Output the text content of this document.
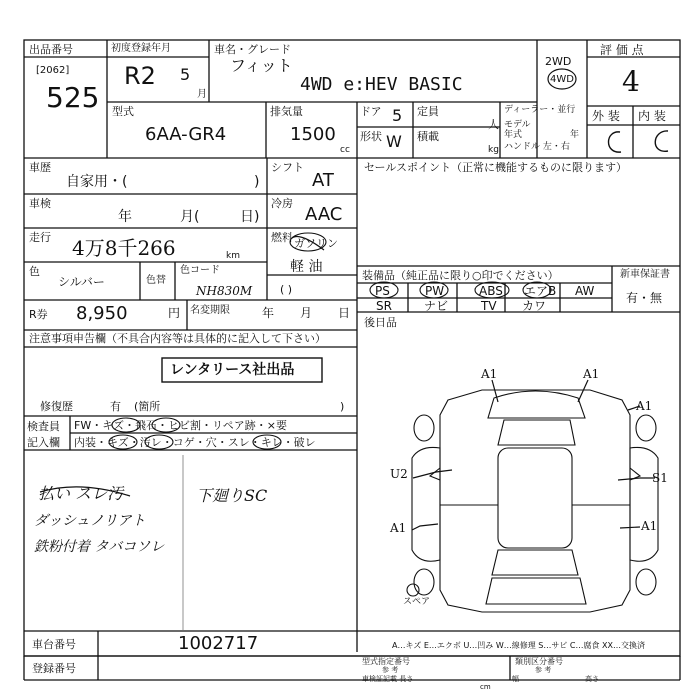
出品番号
[2062]
525
初度登録年月
R2 5
月
車名・グレード
フィット
4WD e:HEV BASIC
2WD
4WD
評 価 点
4
外 装 内 装
型式
6AA-GR4
排気量
1500
cc
ドア 5
形状 W
定員
人
積載
kg
ディーラー・並行
モデル
年式	年
ハンドル 左・右
車歴
自家用・(	)
シフト
AT
車検
年	月(	日)
冷房
AAC
走行 4万8千266	km
燃料 ガソリン
軽 油
( )
色
シルバー	色替
色コード
NH830M
R券 8,950	円 名変期限	年 月 日
セールスポイント（正常に機能するものに限ります）
装備品（純正品に限り○印でください）
PS	PW	ABS エアB AW
SR	ナビ	TV カワ
新車保証書
有・無
後日品
注意事項申告欄（不具合内容等は具体的に記入して下さい）
レンタリース社出品
修復歴	有 (箇所	)
検査員
記入欄
FW・キズ・飛石・ヒビ割・リペア跡・×要
内装・キズ・汚レ・コゲ・穴・スレ・キレ・破レ
払い スレ汚
ダッシュノリアト
鉄粉付着 タバコソレ
下廻りSC
A1	A1
A1
U2	S1
A1	A1
スペア
車台番号	1002717
登録番号
A…キズ E…エクボ U…凹み W…線修理 S…サビ C…腐食 XX…交換済
型式指定番号
参 考
類別区分番号
参 考
車検証記載 長さ
cm
幅	高さ
